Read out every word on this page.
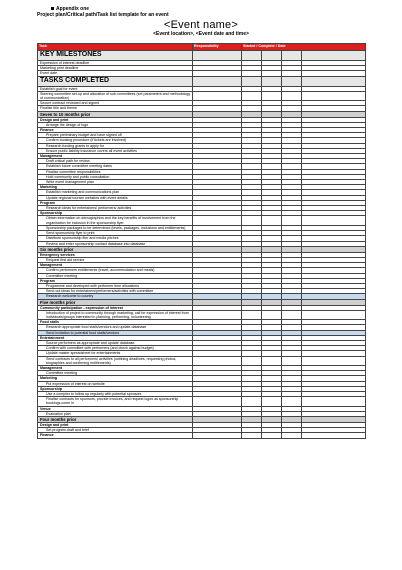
Appendix one
Project plan/Critical path/Task list template for an event
<Event name>
<Event location>, <Event date and time>
Task	Responsibility	Started / Complete / Date			
KEY MILESTONES					
Expression of interest deadline					
Marketing print deadline					
Event date					
TASKS COMPLETED					
Establish goal for event					
Steering committee set-up and allocation of sub-committees (set parameters and methodology of communication)					
Secure contract reviewed and signed					
Finalise title and theme					
Seven to 10 months prior					
Design and print					
Arrange the design of logo					
Finance					
Prepare preliminary budget and have signed off					
Confirm booking procedure (if tickets are involved)					
Research funding grants to apply for					
Ensure public liability insurance covers all event activities					
Management					
Draft critical path for review					
Establish future committee meeting dates					
Finalise committee responsibilities					
Hold community and public consultation					
Write event management plan					
Marketing					
Establish marketing and communications plan					
Update regional tourism websites with event details					
Program					
Research ideas for entertainers/ performers/ activities					
Sponsorship					
Obtain information on demographics and the key benefits of involvement from the organisation for inclusion in the sponsorship flyer					
Sponsorship packages to be determined (levels, packages, inclusions and entitlements)					
Send sponsorship flyer to print					
Distribute sponsorship flier and media pitches					
Review and enter sponsorship contact database into database					
Six months prior					
Emergency services					
Request first aid service					
Management					
Confirm performers entitlements (travel, accommodation and meals)					
Committee meeting					
Program					
Programme and developed with performer time allocations					
Send out ideas for entertainers/performers/activities with committee					
Research welcome to country					
Five months prior					
Community participation - expression of interest					
Introduction of project to community through marketing, call for expression of interest from individuals/groups interested in planning, performing, volunteering					
Food stalls					
Research appropriate food stalls/vendors and update database					
Send invitation to potential food stalls/vendors					
Entertainment					
Source performers as appropriate and update database					
Confirm with committee with performers (and check against budget)					
Update master spreadsheet for entertainments					
Send contracts to all performers/ activities (outlining deadlines, requesting photos, biographies and confirming entitlements)					
Management					
Committee meeting					
Marketing					
Put expression of interest on website					
Sponsorship					
Use a compiler to follow up regularly with potential sponsors					
Finalise contracts for sponsors, provide invoices, and request logos as sponsorship bookings come in					
Venue					
Evaluation plan					
Four months prior					
Design and print					
Set program draft and brief					
Finance					
